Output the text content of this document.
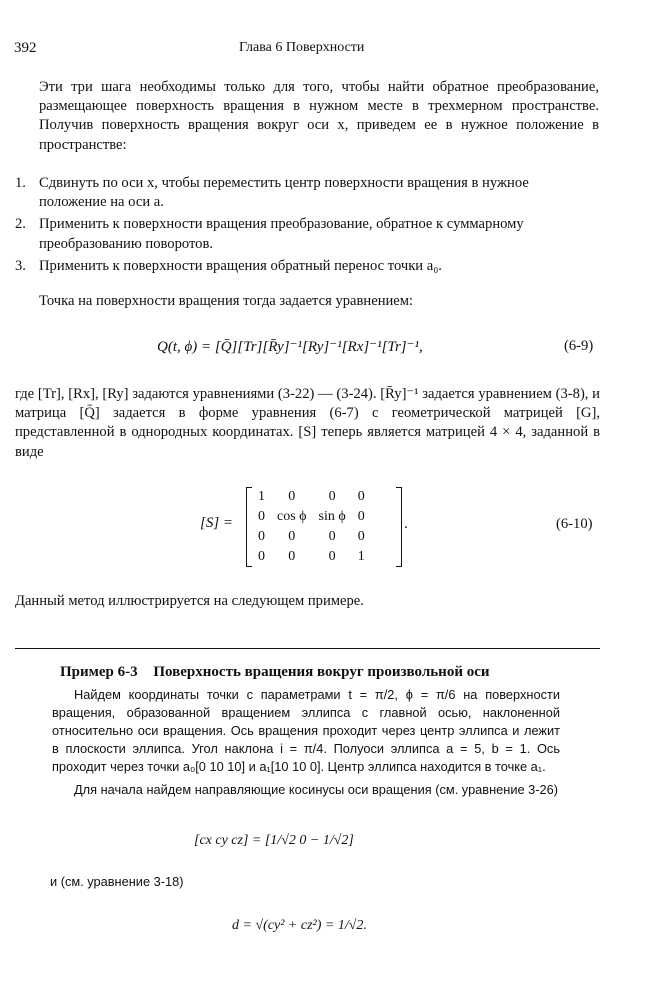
392	Глава 6 Поверхности
Эти три шага необходимы только для того, чтобы найти обратное преобразование, размещающее поверхность вращения в нужном месте в трехмерном пространстве. Получив поверхность вращения вокруг оси x, приведем ее в нужное положение в пространстве:
1. Сдвинуть по оси x, чтобы переместить центр поверхности вращения в нужное положение на оси a.
2. Применить к поверхности вращения преобразование, обратное к суммарному преобразованию поворотов.
3. Применить к поверхности вращения обратный перенос точки a₀.
Точка на поверхности вращения тогда задается уравнением:
Q(t, ϕ) = [Q̄][Tr][R̄y]⁻¹[Ry]⁻¹[Rx]⁻¹[Tr]⁻¹,	(6-9)
где [Tr], [Rx], [Ry] задаются уравнениями (3-22) — (3-24). [R̄y]⁻¹ задается уравнением (3-8), и матрица [Q̄] задается в форме уравнения (6-7) с геометрической матрицей [G], представленной в однородных координатах. [S] теперь является матрицей 4 × 4, заданной в виде
[S] =
1	0	0	0
0	cos ϕ	sin ϕ	0
0	0	0	0
0	0	0	1
.	(6-10)
Данный метод иллюстрируется на следующем примере.
Пример 6-3 Поверхность вращения вокруг произвольной оси
Найдем координаты точки с параметрами t = π/2, ϕ = π/6 на поверхности вращения, образованной вращением эллипса с главной осью, наклоненной относительно оси вращения. Ось вращения проходит через центр эллипса и лежит в плоскости эллипса. Угол наклона i = π/4. Полуоси эллипса a = 5, b = 1. Ось проходит через точки a₀[0 10 10] и a₁[10 10 0]. Центр эллипса находится в точке a₁.
Для начала найдем направляющие косинусы оси вращения (см. уравнение 3-26)
[cx cy cz] = [1/√2 0 − 1/√2]
и (см. уравнение 3-18)
d = √(cy² + cz²) = 1/√2.
